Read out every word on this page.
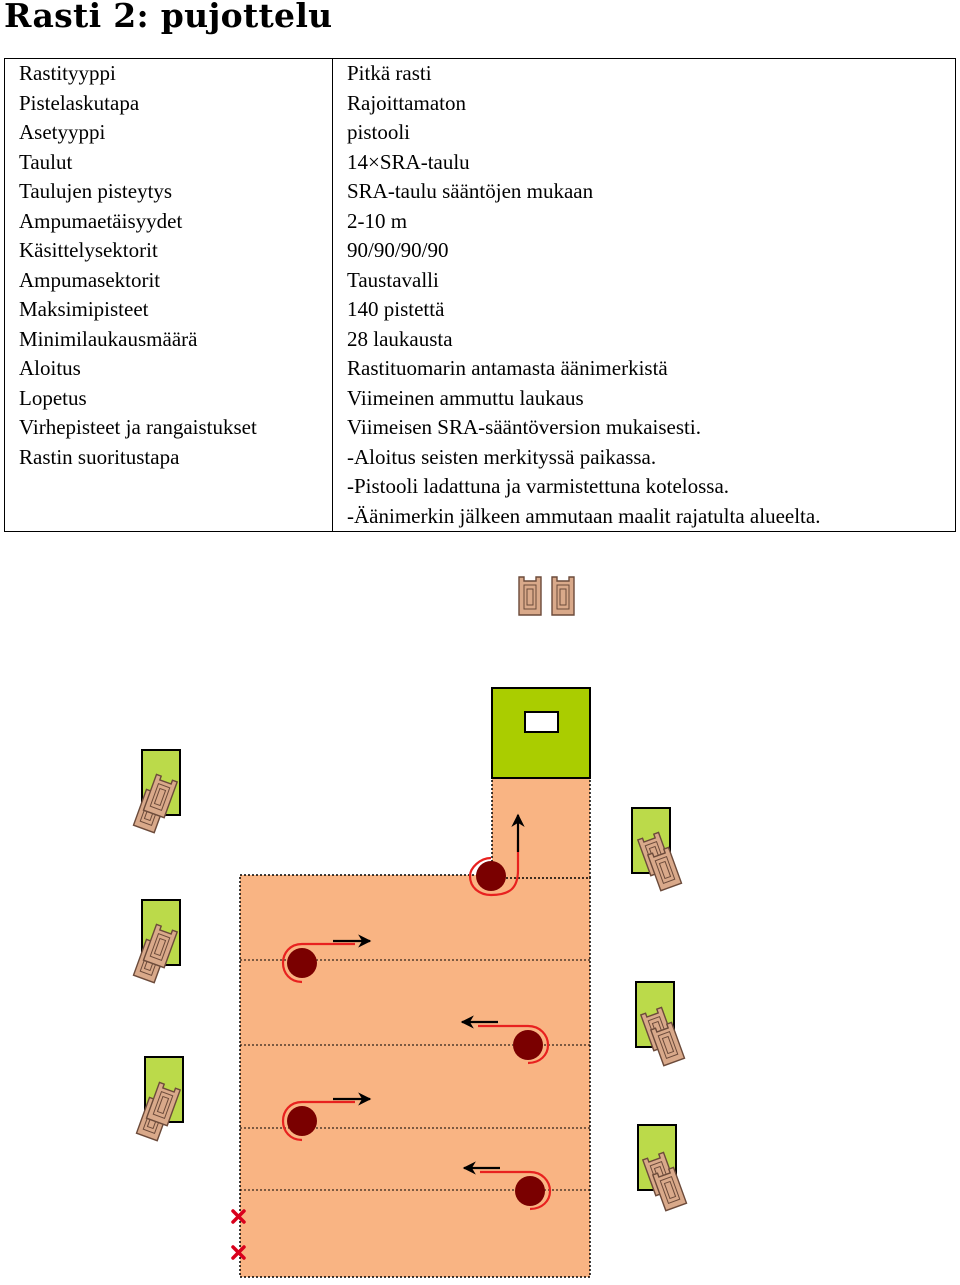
Rasti 2: pujottelu
Rastityyppi	Pitkä rasti

Pistelaskutapa	Rajoittamaton

Asetyyppi	pistooli

Taulut	14×SRA-taulu

Taulujen pisteytys	SRA-taulu sääntöjen mukaan

Ampumaetäisyydet	2-10 m

Käsittelysektorit	90/90/90/90

Ampumasektorit	Taustavalli

Maksimipisteet	140 pistettä

Minimilaukausmäärä	28 laukausta

Aloitus	Rastituomarin antamasta äänimerkistä

Lopetus	Viimeinen ammuttu laukaus

Virhepisteet ja rangaistukset	Viimeisen SRA-sääntöversion mukaisesti.

Rastin suoritustapa	-Aloitus seisten merkityssä paikassa.
-Pistooli ladattuna ja varmistettuna kotelossa.
-Äänimerkin jälkeen ammutaan maalit rajatulta alueelta.
